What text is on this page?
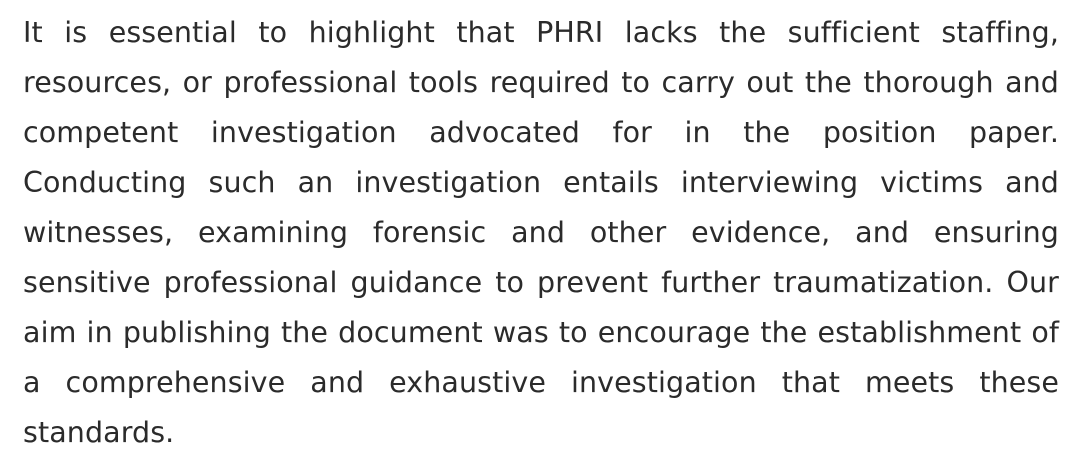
It is essential to highlight that PHRI lacks the sufficient staffing, resources, or professional tools required to carry out the thorough and competent investigation advocated for in the position paper. Conducting such an investigation entails interviewing victims and witnesses, examining forensic and other evidence, and ensuring sensitive professional guidance to prevent further traumatization. Our aim in publishing the document was to encourage the establishment of a comprehensive and exhaustive investigation that meets these standards.
